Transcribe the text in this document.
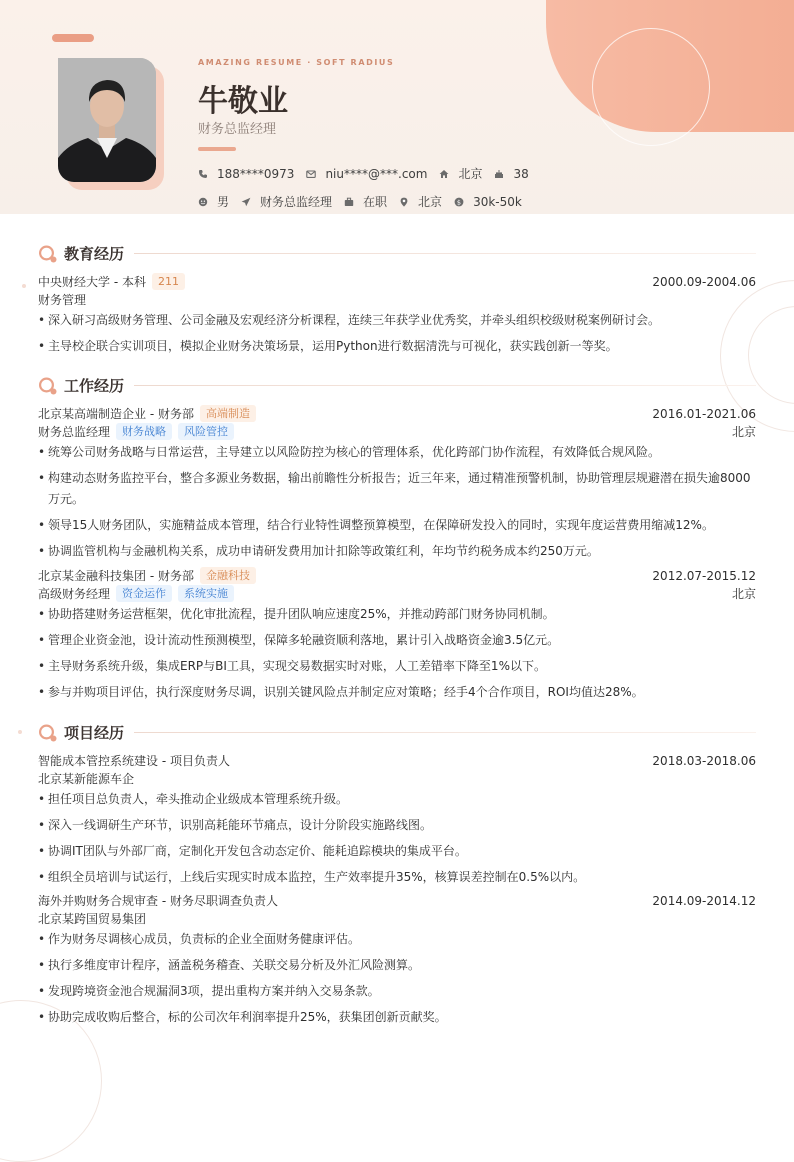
AMAZING RESUME · SOFT RADIUS
牛敬业
财务总监经理
188****0973	niu****@***.com	北京	38
男	财务总监经理	在职	北京 $ 30k-50k
教育经历
中央财经大学 - 本科	211	2000.09-2004.06
财务管理
• 深入研习高级财务管理、公司金融及宏观经济分析课程，连续三年获学业优秀奖，并牵头组织校级财税案例研讨会。
• 主导校企联合实训项目，模拟企业财务决策场景，运用Python进行数据清洗与可视化，获实践创新一等奖。
工作经历
北京某高端制造企业 - 财务部	高端制造	2016.01-2021.06
财务总监经理	财务战略	风险管控	北京
• 统筹公司财务战略与日常运营，主导建立以风险防控为核心的管理体系，优化跨部门协作流程，有效降低合规风险。
• 构建动态财务监控平台，整合多源业务数据，输出前瞻性分析报告；近三年来，通过精准预警机制，协助管理层规避潜在损失逾8000万元。
• 领导15人财务团队，实施精益成本管理，结合行业特性调整预算模型，在保障研发投入的同时，实现年度运营费用缩减12%。
• 协调监管机构与金融机构关系，成功申请研发费用加计扣除等政策红利，年均节约税务成本约250万元。
北京某金融科技集团 - 财务部	金融科技	2012.07-2015.12
高级财务经理	资金运作	系统实施	北京
• 协助搭建财务运营框架，优化审批流程，提升团队响应速度25%，并推动跨部门财务协同机制。
• 管理企业资金池，设计流动性预测模型，保障多轮融资顺利落地，累计引入战略资金逾3.5亿元。
• 主导财务系统升级，集成ERP与BI工具，实现交易数据实时对账，人工差错率下降至1%以下。
• 参与并购项目评估，执行深度财务尽调，识别关键风险点并制定应对策略；经手4个合作项目，ROI均值达28%。
项目经历
智能成本管控系统建设 - 项目负责人	2018.03-2018.06
北京某新能源车企
• 担任项目总负责人，牵头推动企业级成本管理系统升级。
• 深入一线调研生产环节，识别高耗能环节痛点，设计分阶段实施路线图。
• 协调IT团队与外部厂商，定制化开发包含动态定价、能耗追踪模块的集成平台。
• 组织全员培训与试运行，上线后实现实时成本监控，生产效率提升35%，核算误差控制在0.5%以内。
海外并购财务合规审查 - 财务尽职调查负责人	2014.09-2014.12
北京某跨国贸易集团
• 作为财务尽调核心成员，负责标的企业全面财务健康评估。
• 执行多维度审计程序，涵盖税务稽查、关联交易分析及外汇风险测算。
• 发现跨境资金池合规漏洞3项，提出重构方案并纳入交易条款。
• 协助完成收购后整合，标的公司次年利润率提升25%，获集团创新贡献奖。
